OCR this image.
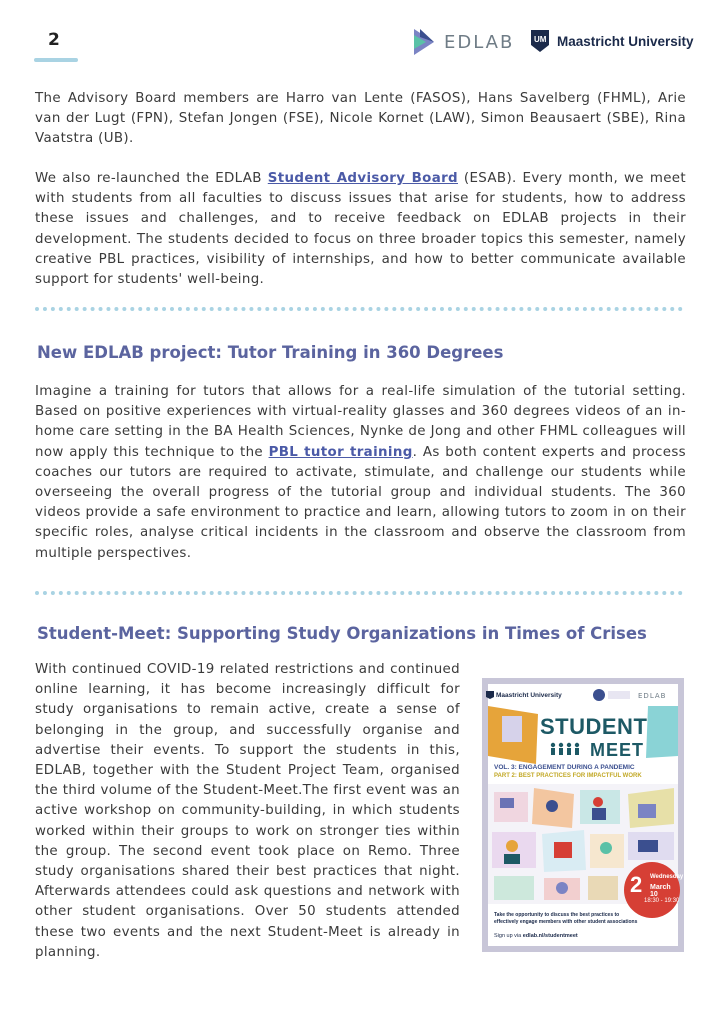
2	EDLAB UM Maastricht University

The Advisory Board members are Harro van Lente (FASOS), Hans Savelberg (FHML), Arie van der Lugt (FPN), Stefan Jongen (FSE), Nicole Kornet (LAW), Simon Beausaert (SBE), Rina Vaatstra (UB).

We also re-launched the EDLAB Student Advisory Board (ESAB). Every month, we meet with students from all faculties to discuss issues that arise for students, how to address these issues and challenges, and to receive feedback on EDLAB projects in their development. The students decided to focus on three broader topics this semester, namely creative PBL practices, visibility of internships, and how to better communicate available support for students' well-being.

New EDLAB project: Tutor Training in 360 Degrees

Imagine a training for tutors that allows for a real-life simulation of the tutorial setting. Based on positive experiences with virtual-reality glasses and 360 degrees videos of an in-home care setting in the BA Health Sciences, Nynke de Jong and other FHML colleagues will now apply this technique to the PBL tutor training. As both content experts and process coaches our tutors are required to activate, stimulate, and challenge our students while overseeing the overall progress of the tutorial group and individual students. The 360 videos provide a safe environment to practice and learn, allowing tutors to zoom in on their specific roles, analyse critical incidents in the classroom and observe the classroom from multiple perspectives.

Student-Meet: Supporting Study Organizations in Times of Crises

With continued COVID-19 related restrictions and continued online learning, it has become increasingly difficult for study organisations to remain active, create a sense of belonging in the group, and successfully organise and advertise their events. To support the students in this, EDLAB, together with the Student Project Team, organised the third volume of the Student-Meet.The first event was an active workshop on community-building, in which students worked within their groups to work on stronger ties within the group. The second event took place on Remo. Three study organisations shared their best practices that night. Afterwards attendees could ask questions and network with other student organisations. Over 50 students attended these two events and the next Student-Meet is already in planning.

Maastricht University	EDLAB
STUDENT
MEET
VOL. 3: ENGAGEMENT DURING A PANDEMIC
PART 2: BEST PRACTICES FOR IMPACTFUL WORK
2 Wednesday
March 10
18:30 - 19:30
Take the opportunity to discuss the best practices to effectively engage members with other student associations
Sign up via edlab.nl/studentmeet
